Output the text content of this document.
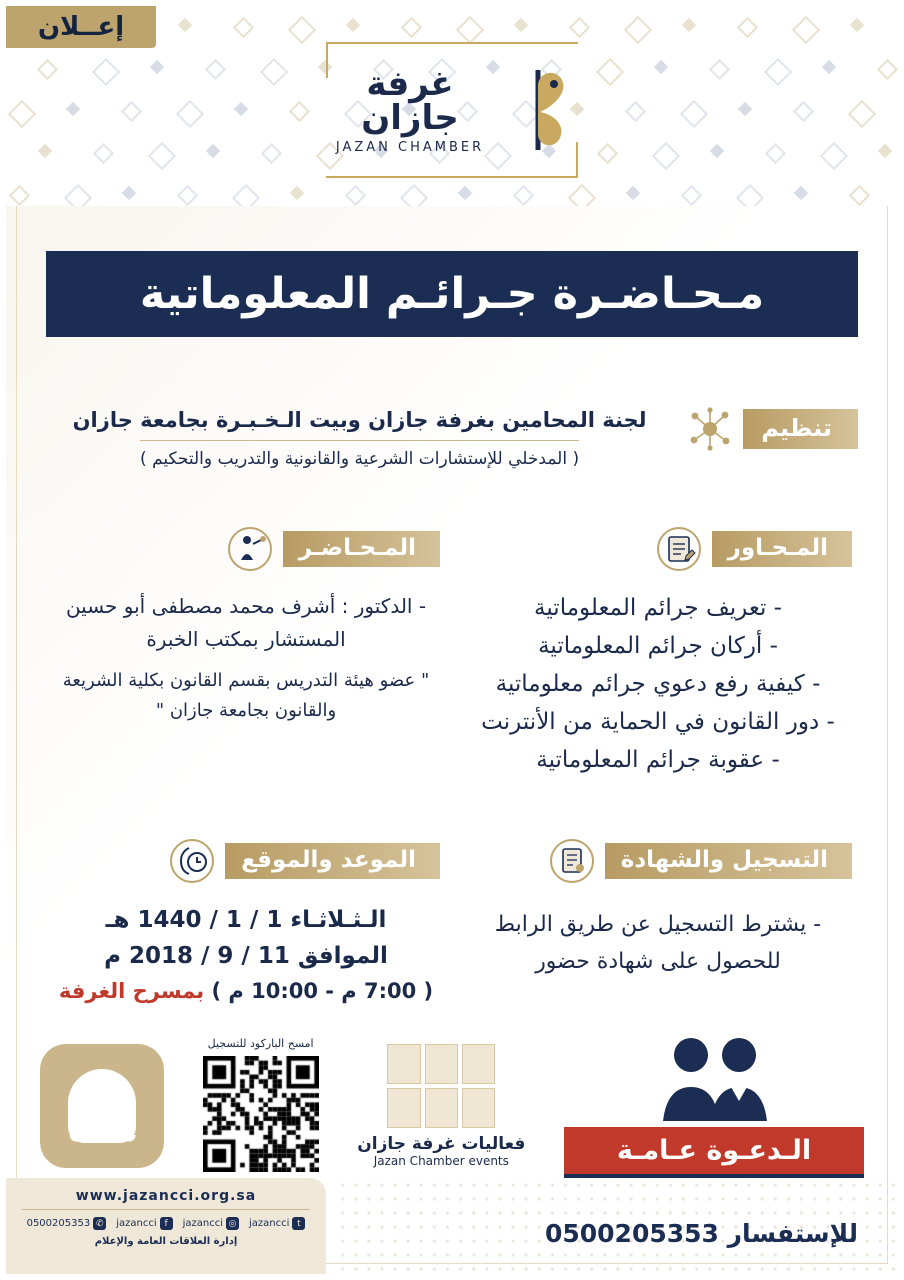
إعــلان
غرفة جازان
JAZAN CHAMBER
مـحـاضـرة جـرائـم المعلوماتية
تنظيم
لجنة المحامين بغرفة جازان وبيت الـخـبـرة بجامعة جازان
( المدخلي للإستشارات الشرعية والقانونية والتدريب والتحكيم )
المـحـاور
- تعريف جرائم المعلوماتية
- أركان جرائم المعلوماتية
- كيفية رفع دعوي جرائم معلوماتية
- دور القانون في الحماية من الأنترنت
- عقوبة جرائم المعلوماتية
المـحـاضـر
- الدكتور : أشرف محمد مصطفى أبو حسين
المستشار بمكتب الخبرة
" عضو هيئة التدريس بقسم القانون بكلية الشريعة والقانون بجامعة جازان "
التسجيل والشهادة
- يشترط التسجيل عن طريق الرابط
للحصول على شهادة حضور
الموعد والموقع
الـثـلاثـاء 1 / 1 / 1440 هـ
الموافق 11 / 9 / 2018 م
( 7:00 م - 10:00 م ) بمسرح الغرفة
الـدعـوة عـامـة
فعاليات غرفة جازان
Jazan Chamber events
امسح الباركود للتسجيل
للإستفسار 0500205353
www.jazancci.org.sa
t
jazancci
◎
jazancci
f
jazancci
✆
0500205353
إدارة العلاقات العامة والإعلام
